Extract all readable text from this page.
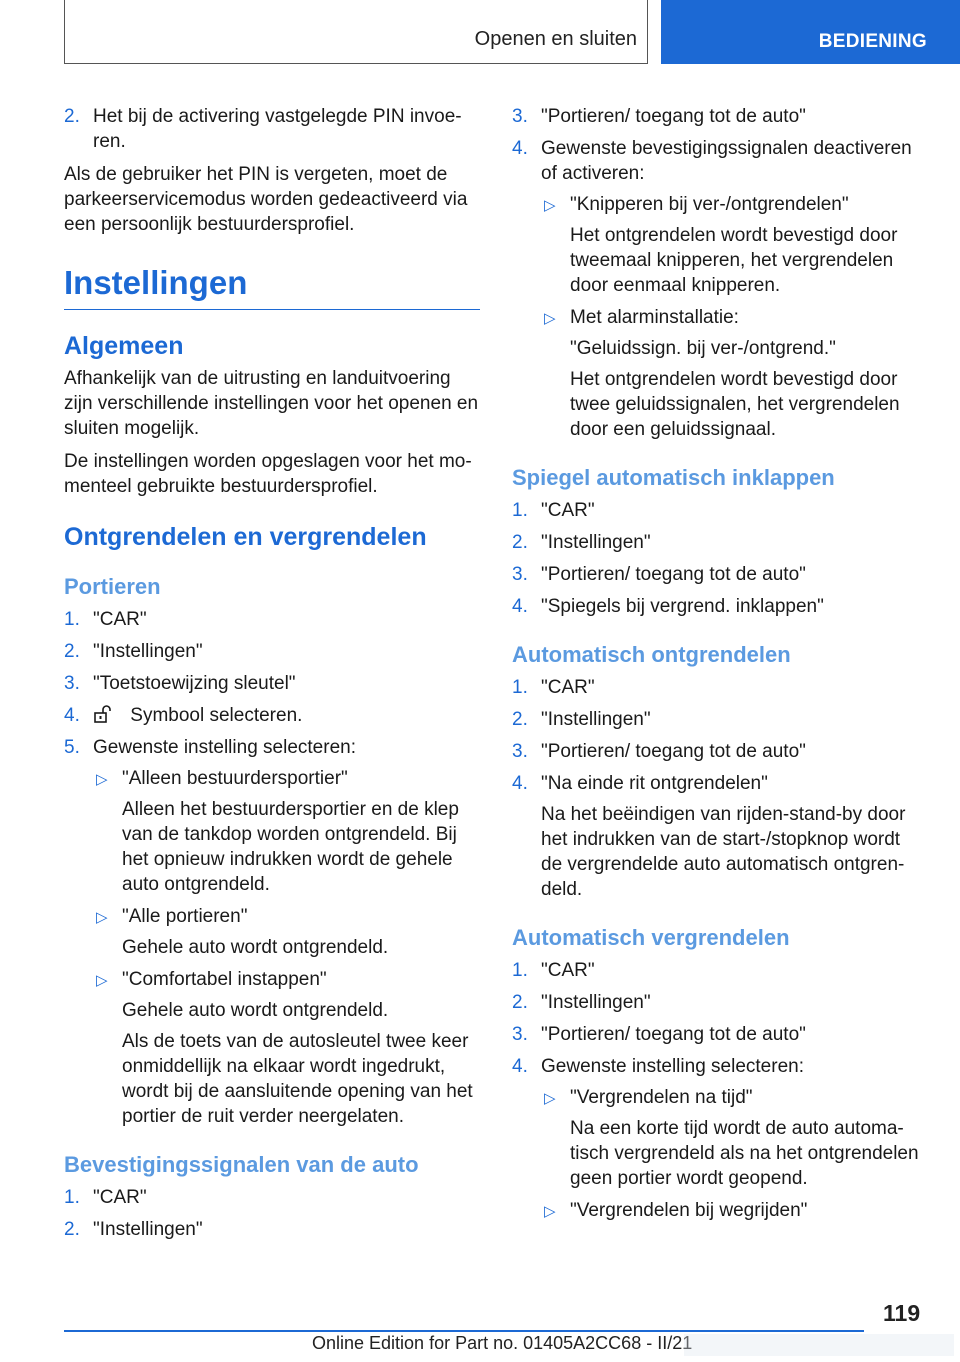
Openen en sluiten	BEDIENING
2. Het bij de activering vastgelegde PIN invoeren.

Als de gebruiker het PIN is vergeten, moet de parkeerservicemodus worden gedeactiveerd via een persoonlijk bestuurdersprofiel.

Instellingen
Algemeen

Afhankelijk van de uitrusting en landuitvoering zijn verschillende instellingen voor het openen en sluiten mogelijk.

De instellingen worden opgeslagen voor het momenteel gebruikte bestuurdersprofiel.

Ontgrendelen en vergrendelen
Portieren
1. "CAR"
2. "Instellingen"
3. "Toetstoewijzing sleutel"
4.	Symbool selecteren.
5. Gewenste instelling selecteren:
▷ "Alleen bestuurdersportier"
Alleen het bestuurdersportier en de klep van de tankdop worden ontgrendeld. Bij het opnieuw indrukken wordt de gehele auto ontgrendeld.
▷ "Alle portieren"
Gehele auto wordt ontgrendeld.
▷ "Comfortabel instappen"
Gehele auto wordt ontgrendeld.
Als de toets van de autosleutel twee keer onmiddellijk na elkaar wordt ingedrukt, wordt bij de aansluitende opening van het portier de ruit verder neergelaten.
Bevestigingssignalen van de auto
1. "CAR"
2. "Instellingen"
3. "Portieren/ toegang tot de auto"
4. Gewenste bevestigingssignalen deactiveren of activeren:
▷ "Knipperen bij ver-/ontgrendelen"
Het ontgrendelen wordt bevestigd door tweemaal knipperen, het vergrendelen door eenmaal knipperen.
▷ Met alarminstallatie:
"Geluidssign. bij ver-/ontgrend."
Het ontgrendelen wordt bevestigd door twee geluidssignalen, het vergrendelen door een geluidssignaal.
Spiegel automatisch inklappen
1. "CAR"
2. "Instellingen"
3. "Portieren/ toegang tot de auto"
4. "Spiegels bij vergrend. inklappen"
Automatisch ontgrendelen
1. "CAR"
2. "Instellingen"
3. "Portieren/ toegang tot de auto"
4. "Na einde rit ontgrendelen"
Na het beëindigen van rijden-stand-by door het indrukken van de start-/stopknop wordt de vergrendelde auto automatisch ontgrendeld.
Automatisch vergrendelen
1. "CAR"
2. "Instellingen"
3. "Portieren/ toegang tot de auto"
4. Gewenste instelling selecteren:
▷ "Vergrendelen na tijd"
Na een korte tijd wordt de auto automatisch vergrendeld als na het ontgrendelen geen portier wordt geopend.
▷ "Vergrendelen bij wegrijden"
119
Online Edition for Part no. 01405A2CC68 - II/21
